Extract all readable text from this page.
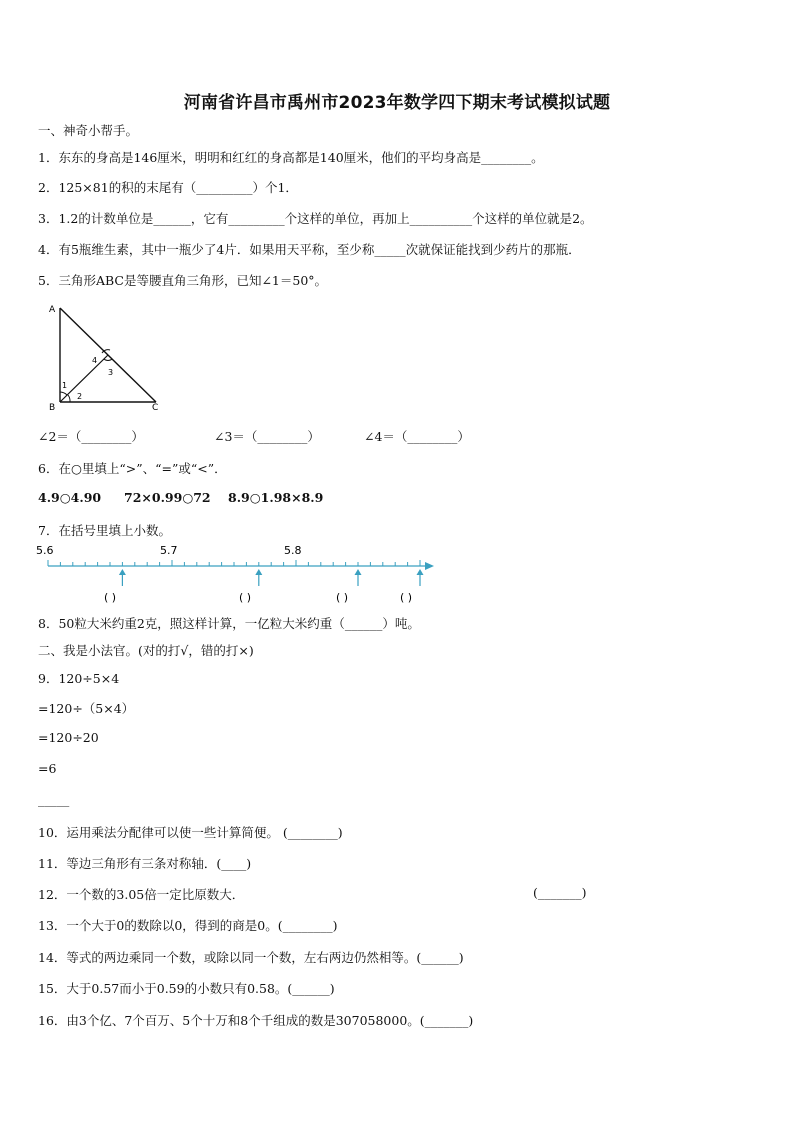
河南省许昌市禹州市2023年数学四下期末考试模拟试题
一、神奇小帮手。
1．东东的身高是146厘米，明明和红红的身高都是140厘米，他们的平均身高是________。
2．125×81的积的末尾有（_________）个1．
3．1.2的计数单位是______，它有_________个这样的单位，再加上__________个这样的单位就是2。
4．有5瓶维生素，其中一瓶少了4片．如果用天平称，至少称_____次就保证能找到少药片的那瓶．
5．三角形ABC是等腰直角三角形，已知∠1＝50°。
A
B	C
1
2
3
4
∠2＝（________）	∠3＝（________）	∠4＝（________）
6．在○里填上“>”、“=”或“<”．
4.9○4.90 72×0.99○72 8.9○1.98×8.9
7．在括号里填上小数。
5.6	5.7	5.8
( )	( )	( )	( )
8．50粒大米约重2克，照这样计算，一亿粒大米约重（______）吨。
二、我是小法官。(对的打√，错的打×)
9．120÷5×4
=120÷（5×4）
=120÷20
=6
_____
10．运用乘法分配律可以使一些计算简便。 (________)
11．等边三角形有三条对称轴．(____)
12．一个数的3.05倍一定比原数大．	(_______)
13．一个大于0的数除以0，得到的商是0。(________)
14．等式的两边乘同一个数，或除以同一个数，左右两边仍然相等。(______)
15．大于0.57而小于0.59的小数只有0.58。(______)
16．由3个亿、7个百万、5个十万和8个千组成的数是307058000。(_______)
